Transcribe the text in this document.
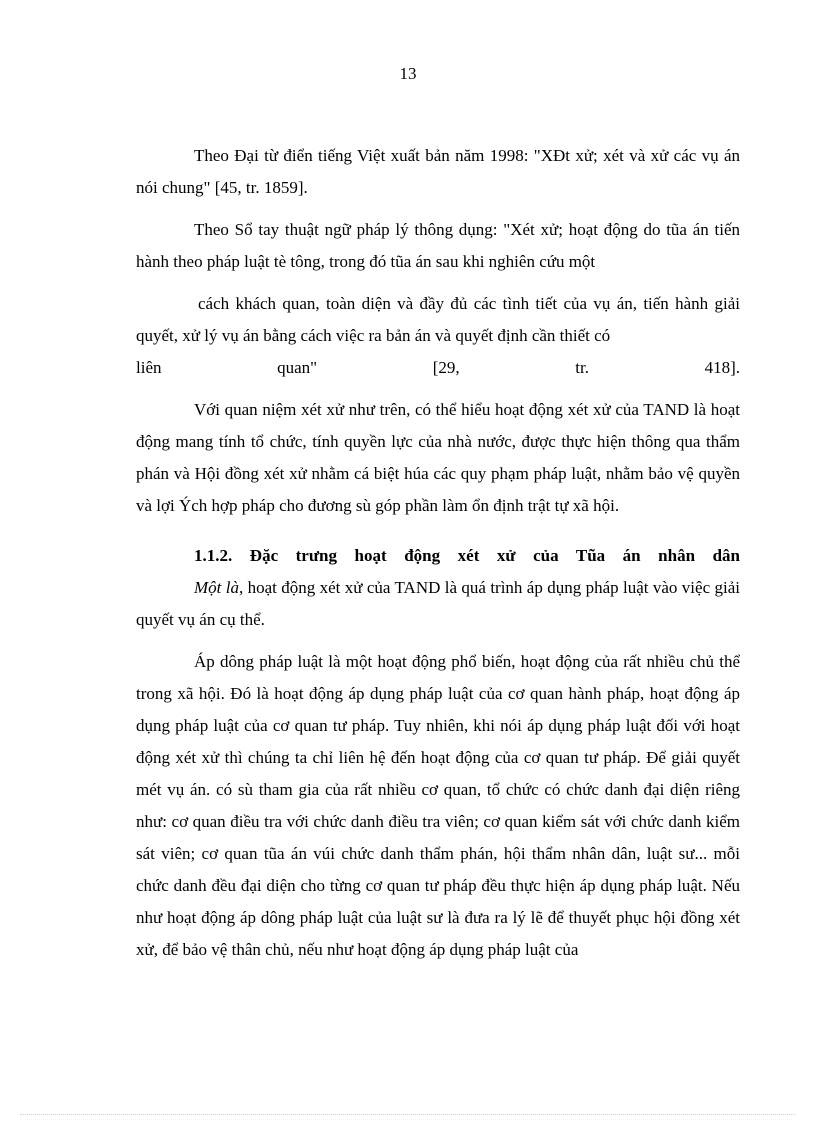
13

Theo Đại từ điển tiếng Việt xuất bản năm 1998: "XĐt xử; xét và xử các vụ án nói chung" [45, tr. 1859].

Theo Sổ tay thuật ngữ pháp lý thông dụng: "Xét xử; hoạt động do tũa án tiến hành theo pháp luật tè tông, trong đó tũa án sau khi nghiên cứu một

cách khách quan, toàn diện và đầy đủ các tình tiết của vụ án, tiến hành giải quyết, xử lý vụ án bằng cách việc ra bản án và quyết định cần thiết có

liên quan" [29, tr. 418].

Với quan niệm xét xử như trên, có thể hiểu hoạt động xét xử của TAND là hoạt động mang tính tổ chức, tính quyền lực của nhà nước, được thực hiện thông qua thẩm phán và Hội đồng xét xử nhằm cá biệt húa các quy phạm pháp luật, nhằm bảo vệ quyền và lợi Ých hợp pháp cho đương sù góp phần làm ổn định trật tự xã hội.

1.1.2. Đặc trưng hoạt động xét xử của Tũa án nhân dân

Một là, hoạt động xét xử của TAND là quá trình áp dụng pháp luật vào việc giải quyết vụ án cụ thể.

Áp dông pháp luật là một hoạt động phổ biến, hoạt động của rất nhiều chủ thể trong xã hội. Đó là hoạt động áp dụng pháp luật của cơ quan hành pháp, hoạt động áp dụng pháp luật của cơ quan tư pháp. Tuy nhiên, khi nói áp dụng pháp luật đối với hoạt động xét xử thì chúng ta chỉ liên hệ đến hoạt động của cơ quan tư pháp. Để giải quyết mét vụ án. có sù tham gia của rất nhiều cơ quan, tổ chức có chức danh đại diện riêng như: cơ quan điều tra với chức danh điều tra viên; cơ quan kiểm sát với chức danh kiểm sát viên; cơ quan tũa án vúi chức danh thẩm phán, hội thẩm nhân dân, luật sư... mỗi chức danh đều đại diện cho từng cơ quan tư pháp đều thực hiện áp dụng pháp luật. Nếu như hoạt động áp dông pháp luật của luật sư là đưa ra lý lẽ để thuyết phục hội đồng xét xử, để bảo vệ thân chủ, nếu như hoạt động áp dụng pháp luật của
